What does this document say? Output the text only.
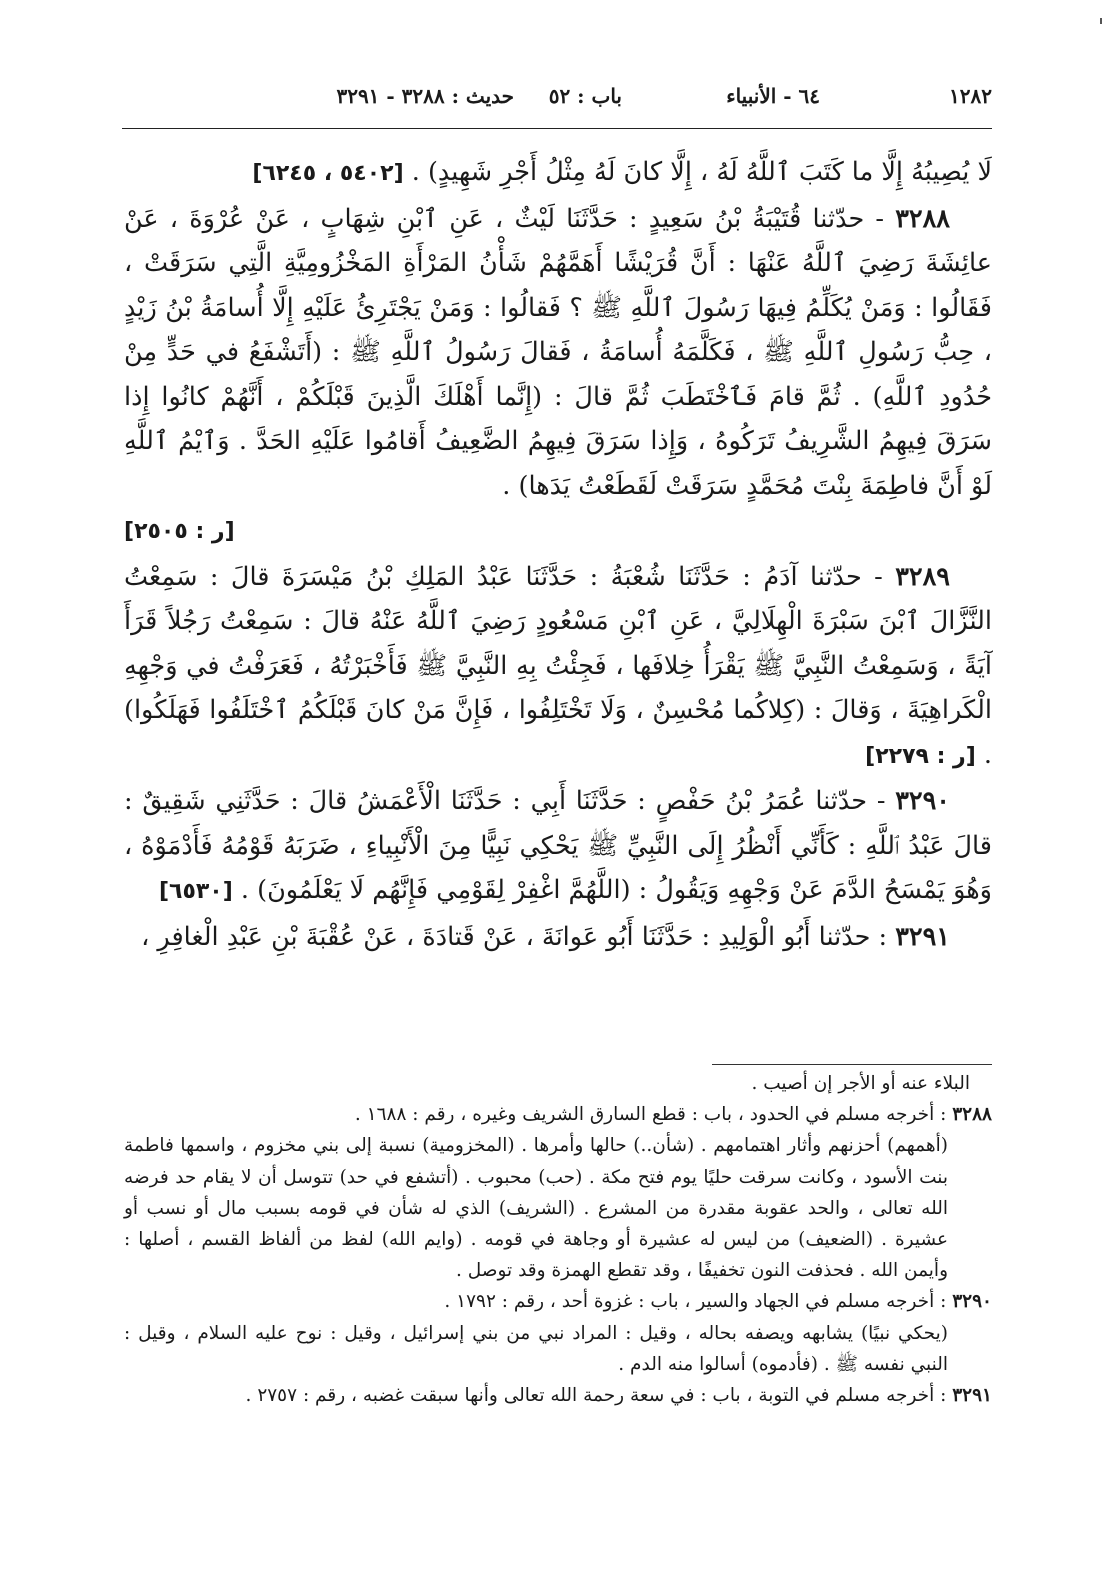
١٢٨٢
٦٤ - الأنبياء
باب : ٥٢
حديث : ٣٢٨٨ - ٣٢٩١

لَا يُصِيبُهُ إِلَّا ما كَتَبَ ٱللَّهُ لَهُ ، إِلَّا كانَ لَهُ مِثْلُ أَجْرِ شَهِيدٍ) . [٥٤٠٢ ، ٦٢٤٥]

٣٢٨٨ - حدّثنا قُتَيْبَةُ بْنُ سَعِيدٍ : حَدَّثَنَا لَيْثٌ ، عَنِ ٱبْنِ شِهَابٍ ، عَنْ عُرْوَةَ ، عَنْ عائِشَةَ رَضِيَ ٱللَّهُ عَنْهَا : أَنَّ قُرَيْشًا أَهَمَّهُمْ شَأْنُ المَرْأَةِ المَخْزُومِيَّةِ الَّتِي سَرَقَتْ ، فَقَالُوا : وَمَنْ يُكَلِّمُ فِيهَا رَسُولَ ٱللَّهِ ﷺ ؟ فَقالُوا : وَمَنْ يَجْتَرِئُ عَلَيْهِ إِلَّا أُسامَةُ بْنُ زَيْدٍ ، حِبُّ رَسُولِ ٱللَّهِ ﷺ ، فَكَلَّمَهُ أُسامَةُ ، فَقالَ رَسُولُ ٱللَّهِ ﷺ : (أَتَشْفَعُ في حَدٍّ مِنْ حُدُودِ ٱللَّهِ) . ثُمَّ قامَ فَٱخْتَطَبَ ثُمَّ قالَ : (إِنَّما أَهْلَكَ الَّذِينَ قَبْلَكُمْ ، أَنَّهُمْ كانُوا إِذا سَرَقَ فِيهِمُ الشَّرِيفُ تَرَكُوهُ ، وَإِذا سَرَقَ فِيهِمُ الضَّعِيفُ أَقامُوا عَلَيْهِ الحَدَّ . وَٱيْمُ ٱللَّهِ لَوْ أَنَّ فاطِمَةَ بِنْتَ مُحَمَّدٍ سَرَقَتْ لَقَطَعْتُ يَدَها) .

[ر : ٢٥٠٥]

٣٢٨٩ - حدّثنا آدَمُ : حَدَّثَنَا شُعْبَةُ : حَدَّثَنَا عَبْدُ المَلِكِ بْنُ مَيْسَرَةَ قالَ : سَمِعْتُ النَّزَّالَ ٱبْنَ سَبْرَةَ الْهِلَالِيَّ ، عَنِ ٱبْنِ مَسْعُودٍ رَضِيَ ٱللَّهُ عَنْهُ قالَ : سَمِعْتُ رَجُلاً قَرَأَ آيَةً ، وَسَمِعْتُ النَّبِيَّ ﷺ يَقْرَأُ خِلافَها ، فَجِئْتُ بِهِ النَّبِيَّ ﷺ فَأَخْبَرْتُهُ ، فَعَرَفْتُ في وَجْهِهِ الْكَراهِيَةَ ، وَقالَ : (كِلاكُما مُحْسِنٌ ، وَلَا تَخْتَلِفُوا ، فَإِنَّ مَنْ كانَ قَبْلَكُمُ ٱخْتَلَفُوا فَهَلَكُوا) . [ر : ٢٢٧٩]

٣٢٩٠ - حدّثنا عُمَرُ بْنُ حَفْصٍ : حَدَّثَنَا أَبِي : حَدَّثَنَا الْأَعْمَشُ قالَ : حَدَّثَنِي شَقِيقٌ : قالَ عَبْدُ ٱللَّهِ : كَأَنِّي أَنْظُرُ إِلَى النَّبِيِّ ﷺ يَحْكِي نَبِيًّا مِنَ الْأَنْبِياءِ ، ضَرَبَهُ قَوْمُهُ فَأَدْمَوْهُ ، وَهُوَ يَمْسَحُ الدَّمَ عَنْ وَجْهِهِ وَيَقُولُ : (اللَّهُمَّ اغْفِرْ لِقَوْمِي فَإِنَّهُم لَا يَعْلَمُونَ) . [٦٥٣٠]

٣٢٩١ : حدّثنا أَبُو الْوَلِيدِ : حَدَّثَنَا أَبُو عَوانَةَ ، عَنْ قَتادَةَ ، عَنْ عُقْبَةَ بْنِ عَبْدِ الْغافِرِ ،

البلاء عنه أو الأجر إن أصيب .

٣٢٨٨ : أخرجه مسلم في الحدود ، باب : قطع السارق الشريف وغيره ، رقم : ١٦٨٨ .

(أهمهم) أحزنهم وأثار اهتمامهم . (شأن..) حالها وأمرها . (المخزومية) نسبة إلى بني مخزوم ، واسمها فاطمة بنت الأسود ، وكانت سرقت حليًا يوم فتح مكة . (حب) محبوب . (أتشفع في حد) تتوسل أن لا يقام حد فرضه الله تعالى ، والحد عقوبة مقدرة من المشرع . (الشريف) الذي له شأن في قومه بسبب مال أو نسب أو عشيرة . (الضعيف) من ليس له عشيرة أو وجاهة في قومه . (وايم الله) لفظ من ألفاظ القسم ، أصلها : وأيمن الله . فحذفت النون تخفيفًا ، وقد تقطع الهمزة وقد توصل .

٣٢٩٠ : أخرجه مسلم في الجهاد والسير ، باب : غزوة أحد ، رقم : ١٧٩٢ .

(يحكي نبيًا) يشابهه ويصفه بحاله ، وقيل : المراد نبي من بني إسرائيل ، وقيل : نوح عليه السلام ، وقيل : النبي نفسه ﷺ . (فأدموه) أسالوا منه الدم .

٣٢٩١ : أخرجه مسلم في التوبة ، باب : في سعة رحمة الله تعالى وأنها سبقت غضبه ، رقم : ٢٧٥٧ .
